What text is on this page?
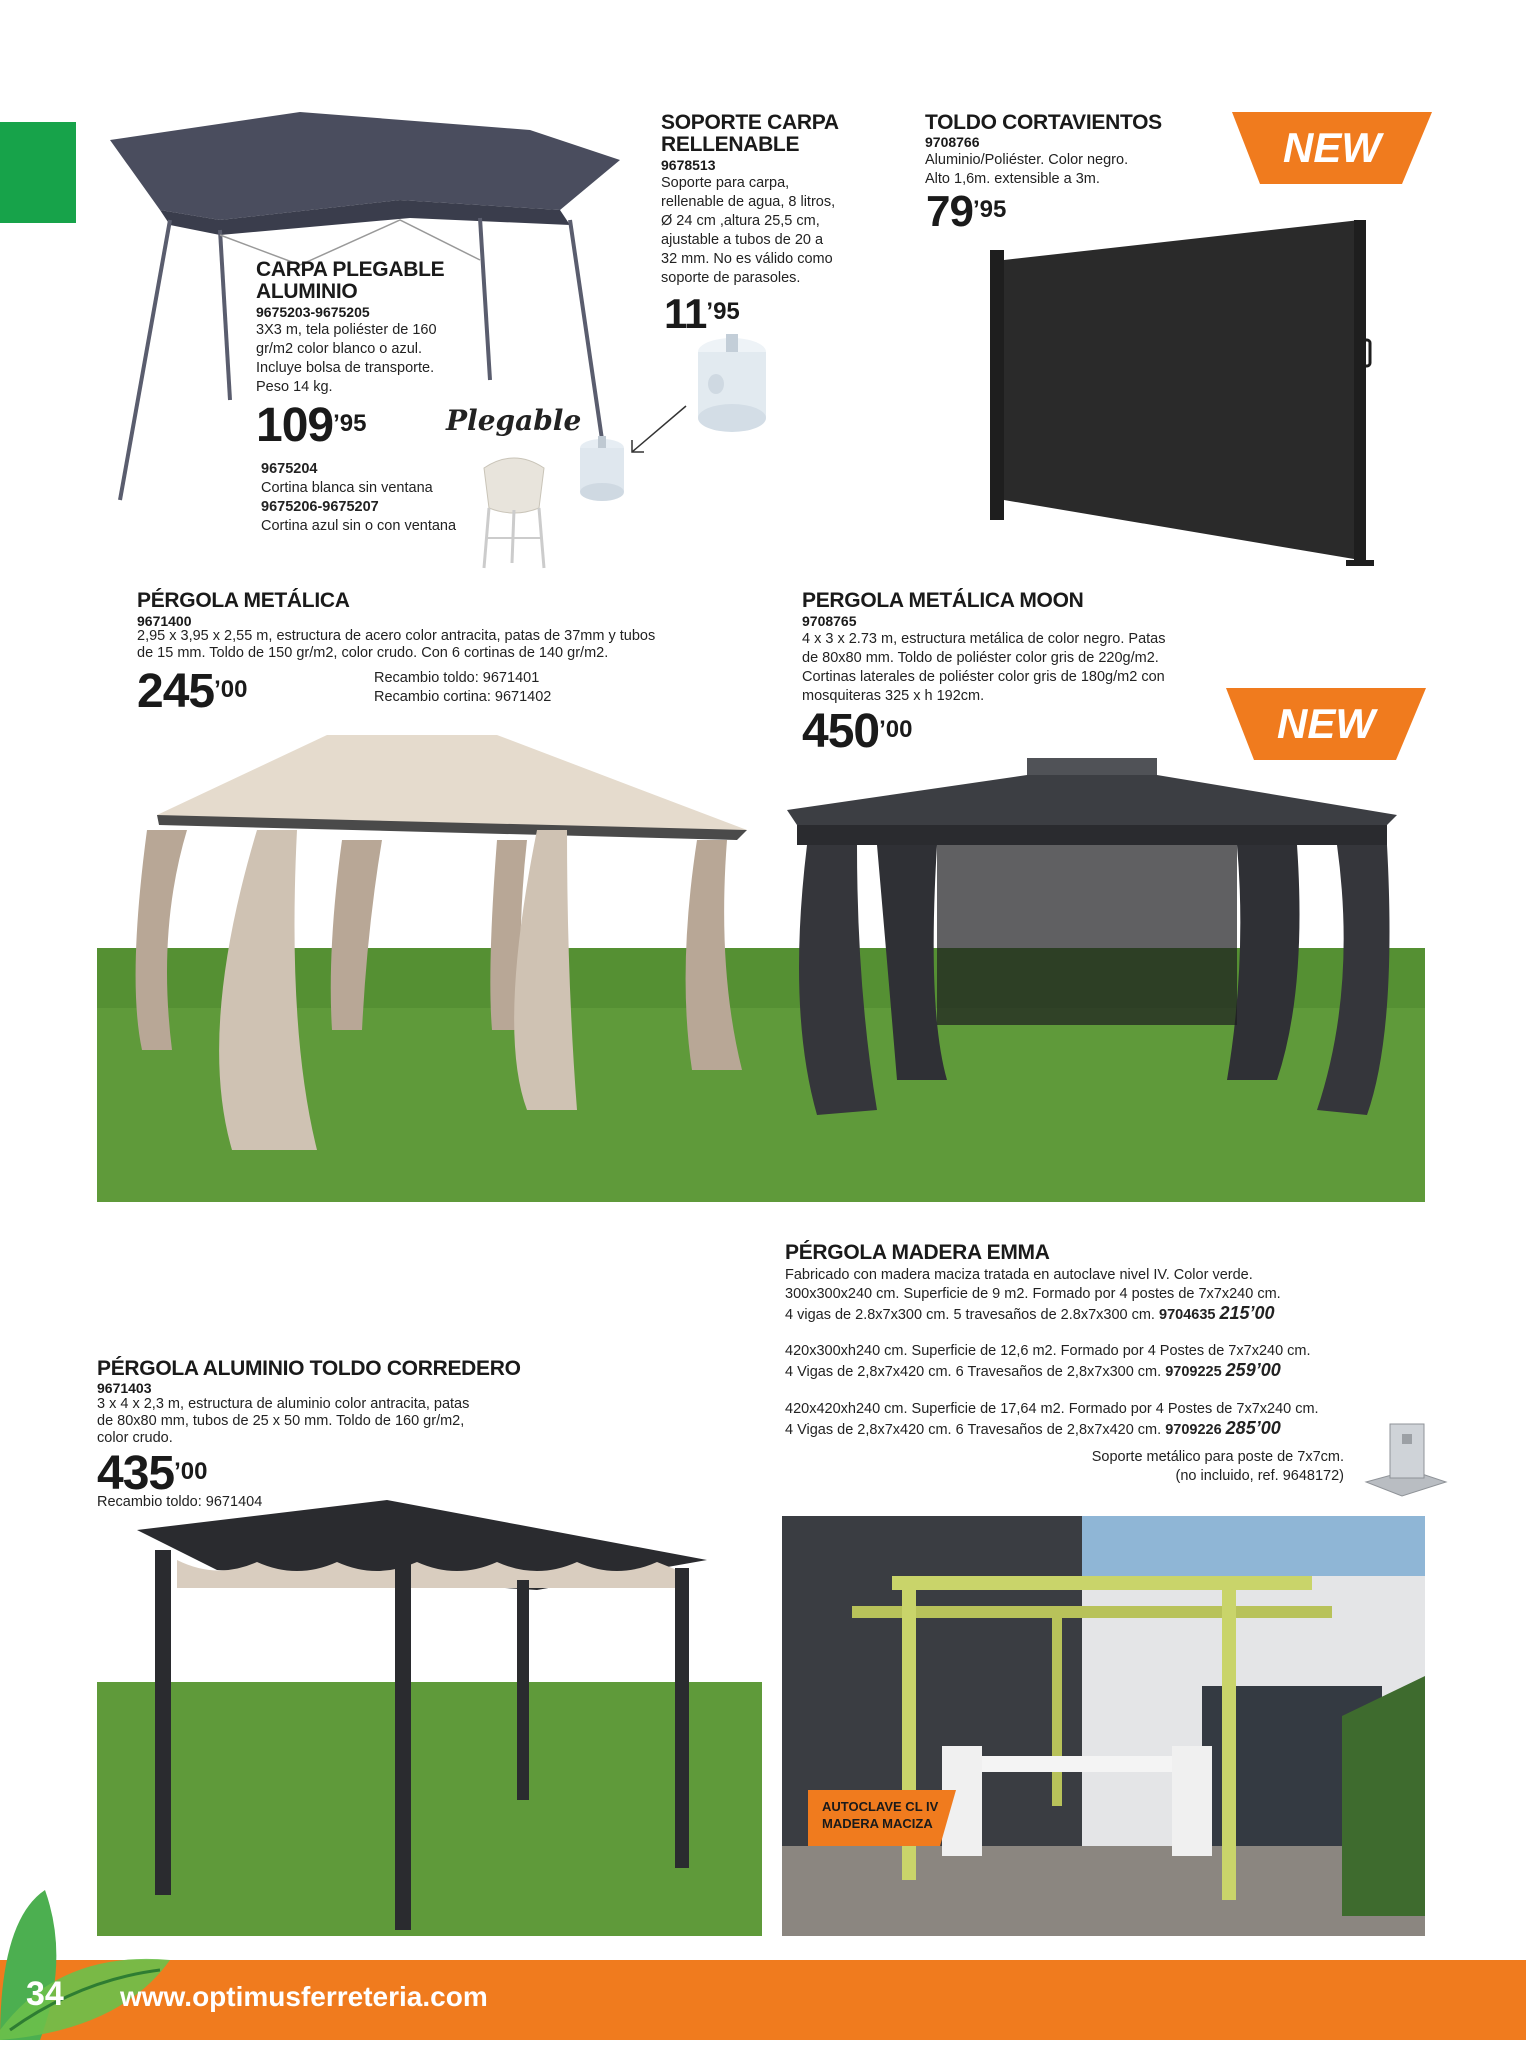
CARPA PLEGABLE
ALUMINIO
9675203-9675205
3X3 m, tela poliéster de 160
gr/m2 color blanco o azul.
Incluye bolsa de transporte.
Peso 14 kg.
$109^{’95}$	Plegable
9675204
Cortina blanca sin ventana
9675206-9675207
Cortina azul sin o con ventana
SOPORTE CARPA
RELLENABLE
9678513
Soporte para carpa,
rellenable de agua, 8 litros,
Ø 24 cm ,altura 25,5 cm,
ajustable a tubos de 20 a
32 mm. No es válido como
soporte de parasoles.
$11^{’95}$
TOLDO CORTAVIENTOS
9708766
Aluminio/Poliéster. Color negro.
Alto 1,6m. extensible a 3m.
$79^{’95}$
NEW
PÉRGOLA METÁLICA
9671400
2,95 x 3,95 x 2,55 m, estructura de acero color antracita, patas de 37mm y tubos
de 15 mm. Toldo de 150 gr/m2, color crudo. Con 6 cortinas de 140 gr/m2.
$245^{’00}$	Recambio toldo: 9671401
Recambio cortina: 9671402
PERGOLA METÁLICA MOON
9708765
4 x 3 x 2.73 m, estructura metálica de color negro. Patas
de 80x80 mm. Toldo de poliéster color gris de 220g/m2.
Cortinas laterales de poliéster color gris de 180g/m2 con
mosquiteras 325 x h 192cm.
$450^{’00}$	NEW
PÉRGOLA MADERA EMMA
Fabricado con madera maciza tratada en autoclave nivel IV. Color verde.
300x300x240 cm. Superficie de 9 m2. Formado por 4 postes de 7x7x240 cm.
4 vigas de 2.8x7x300 cm. 5 travesaños de 2.8x7x300 cm. 9704635 215’00
420x300xh240 cm. Superficie de 12,6 m2. Formado por 4 Postes de 7x7x240 cm.
4 Vigas de 2,8x7x420 cm. 6 Travesaños de 2,8x7x300 cm. 9709225 259’00
420x420xh240 cm. Superficie de 17,64 m2. Formado por 4 Postes de 7x7x240 cm.
4 Vigas de 2,8x7x420 cm. 6 Travesaños de 2,8x7x420 cm. 9709226 285’00
Soporte metálico para poste de 7x7cm.
(no incluido, ref. 9648172)
AUTOCLAVE CL IV
MADERA MACIZA
PÉRGOLA ALUMINIO TOLDO CORREDERO
9671403
3 x 4 x 2,3 m, estructura de aluminio color antracita, patas
de 80x80 mm, tubos de 25 x 50 mm. Toldo de 160 gr/m2,
color crudo.
$435^{’00}$
Recambio toldo: 9671404
34 www.optimusferreteria.com
